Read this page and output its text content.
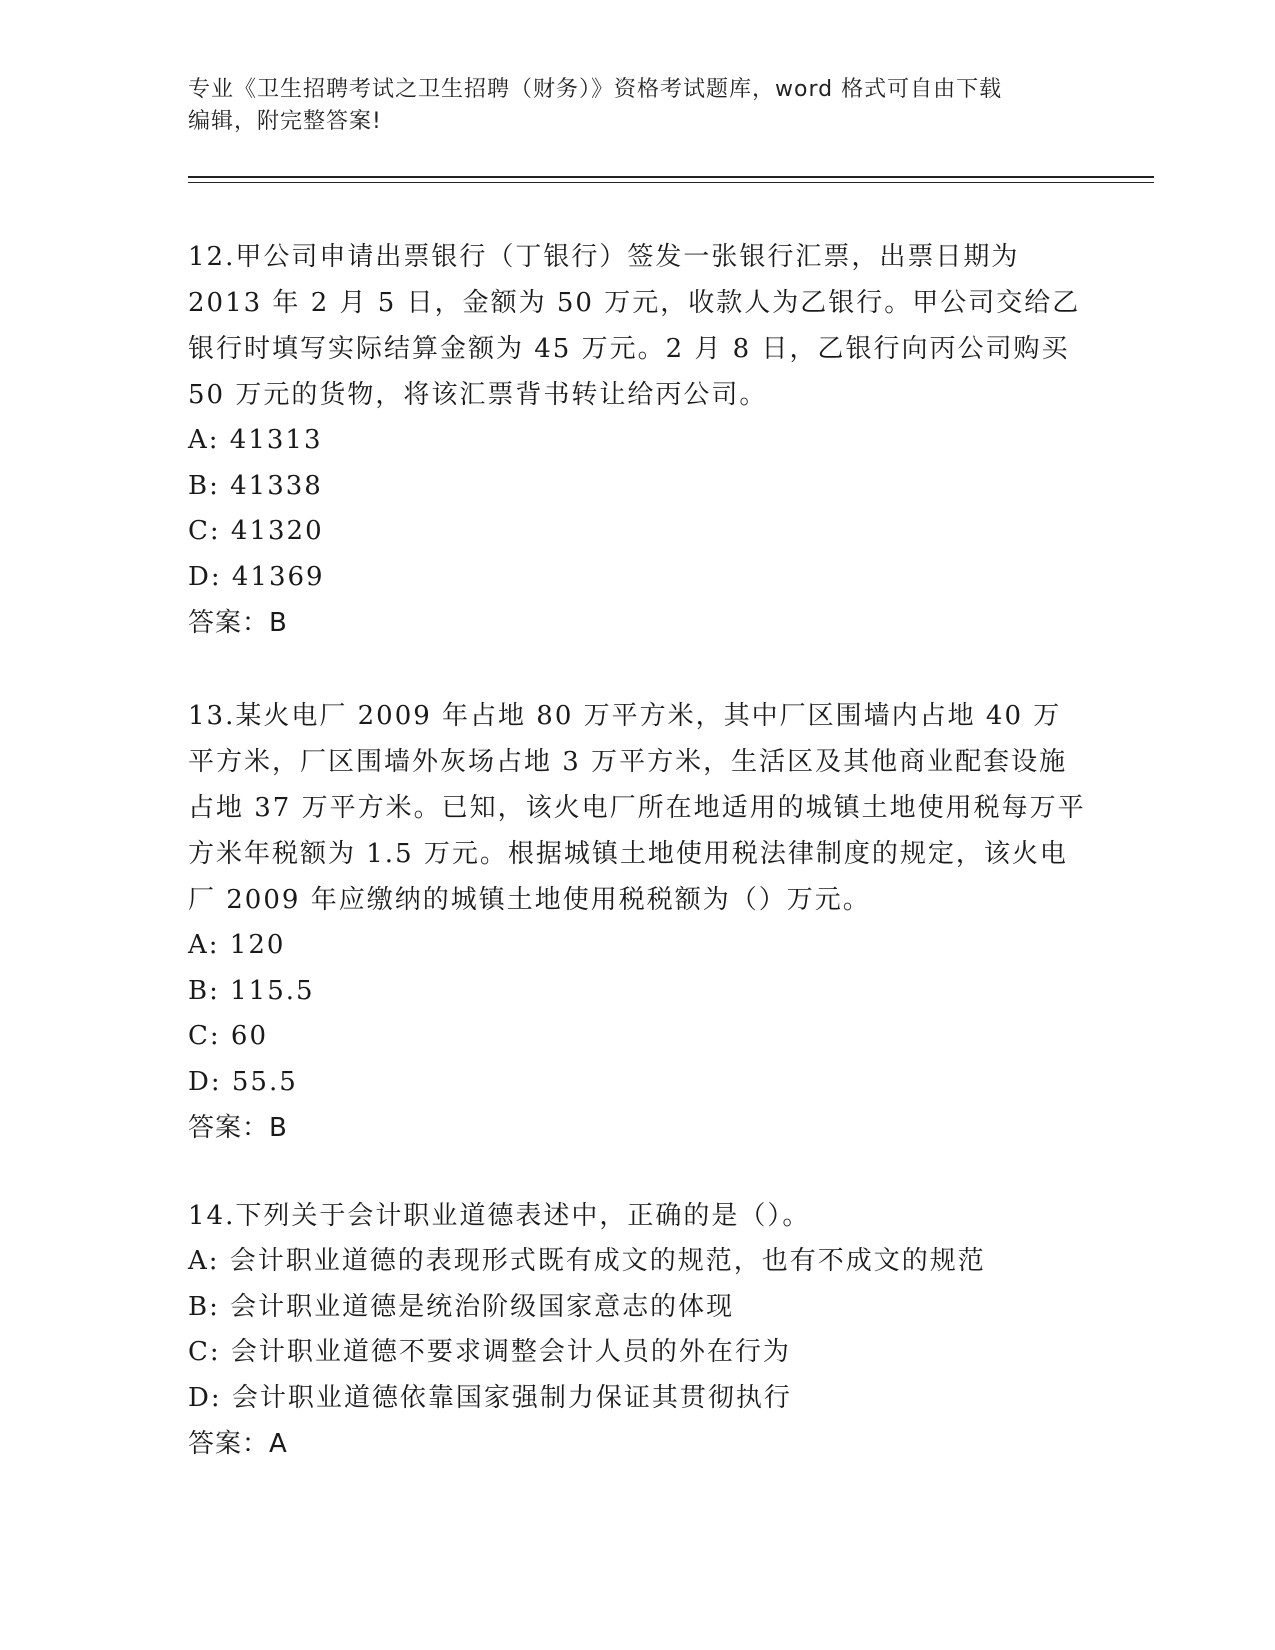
专业《卫生招聘考试之卫生招聘（财务）》资格考试题库，word 格式可自由下载
编辑，附完整答案!

12.甲公司申请出票银行（丁银行）签发一张银行汇票，出票日期为 2013 年 2 月 5 日，金额为 50 万元，收款人为乙银行。甲公司交给乙银行时填写实际结算金额为 45 万元。2 月 8 日，乙银行向丙公司购买 50 万元的货物，将该汇票背书转让给丙公司。

A: 41313

B: 41338

C: 41320

D: 41369

答案：B

13.某火电厂 2009 年占地 80 万平方米，其中厂区围墙内占地 40 万平方米，厂区围墙外灰场占地 3 万平方米，生活区及其他商业配套设施占地 37 万平方米。已知，该火电厂所在地适用的城镇土地使用税每万平方米年税额为 1.5 万元。根据城镇土地使用税法律制度的规定，该火电厂 2009 年应缴纳的城镇土地使用税税额为（）万元。

A: 120

B: 115.5

C: 60

D: 55.5

答案：B

14.下列关于会计职业道德表述中，正确的是（）。

A: 会计职业道德的表现形式既有成文的规范，也有不成文的规范

B: 会计职业道德是统治阶级国家意志的体现

C: 会计职业道德不要求调整会计人员的外在行为

D: 会计职业道德依靠国家强制力保证其贯彻执行

答案：A
